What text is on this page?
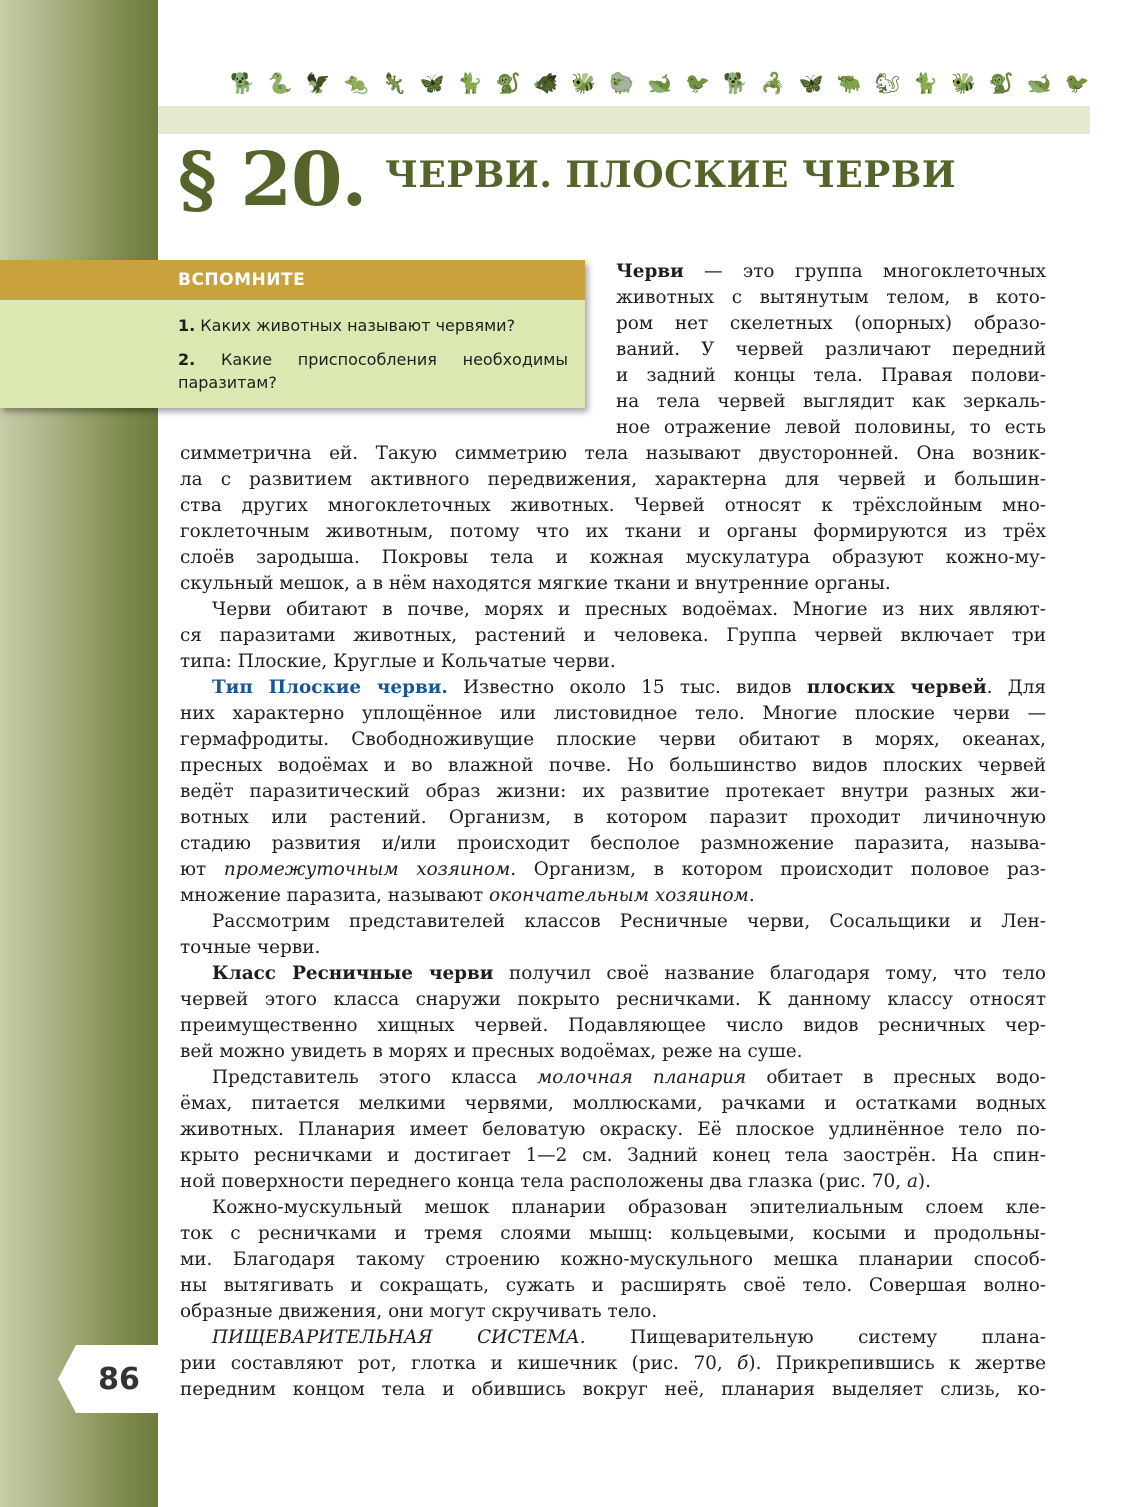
86
🐕 🐍 🦅 🐀 🦎 🦋 🐈 🐒 🐗 🐝 🐑 🐋 🐦 🐕 🦂 🦋 🐃 🐿 🐈 🐝 🐒 🐋 🐦
§ 20. ЧЕРВИ. ПЛОСКИЕ ЧЕРВИ
ВСПОМНИТЕ
1. Каких животных называют червями?
2. Какие приспособления необходимы паразитам?
Черви — это группа многоклеточных
животных с вытянутым телом, в кото-
ром нет скелетных (опорных) образо-
ваний. У червей различают передний
и задний концы тела. Правая полови-
на тела червей выглядит как зеркаль-
ное отражение левой половины, то есть
симметрична ей. Такую симметрию тела называют двусторонней. Она возник-
ла с развитием активного передвижения, характерна для червей и большин-
ства других многоклеточных животных. Червей относят к трёхслойным мно-
гоклеточным животным, потому что их ткани и органы формируются из трёх
слоёв зародыша. Покровы тела и кожная мускулатура образуют кожно-му-
скульный мешок, а в нём находятся мягкие ткани и внутренние органы.
Черви обитают в почве, морях и пресных водоёмах. Многие из них являют-
ся паразитами животных, растений и человека. Группа червей включает три
типа: Плоские, Круглые и Кольчатые черви.
Тип Плоские черви. Известно около 15 тыс. видов плоских червей. Для
них характерно уплощённое или листовидное тело. Многие плоские черви —
гермафродиты. Свободноживущие плоские черви обитают в морях, океанах,
пресных водоёмах и во влажной почве. Но большинство видов плоских червей
ведёт паразитический образ жизни: их развитие протекает внутри разных жи-
вотных или растений. Организм, в котором паразит проходит личиночную
стадию развития и/или происходит бесполое размножение паразита, называ-
ют промежуточным хозяином. Организм, в котором происходит половое раз-
множение паразита, называют окончательным хозяином.
Рассмотрим представителей классов Ресничные черви, Сосальщики и Лен-
точные черви.
Класс Ресничные черви получил своё название благодаря тому, что тело
червей этого класса снаружи покрыто ресничками. К данному классу относят
преимущественно хищных червей. Подавляющее число видов ресничных чер-
вей можно увидеть в морях и пресных водоёмах, реже на суше.
Представитель этого класса молочная планария обитает в пресных водо-
ёмах, питается мелкими червями, моллюсками, рачками и остатками водных
животных. Планария имеет беловатую окраску. Её плоское удлинённое тело по-
крыто ресничками и достигает 1—2 см. Задний конец тела заострён. На спин-
ной поверхности переднего конца тела расположены два глазка (рис. 70, а).
Кожно-мускульный мешок планарии образован эпителиальным слоем кле-
ток с ресничками и тремя слоями мышц: кольцевыми, косыми и продольны-
ми. Благодаря такому строению кожно-мускульного мешка планарии способ-
ны вытягивать и сокращать, сужать и расширять своё тело. Совершая волно-
образные движения, они могут скручивать тело.
ПИЩЕВАРИТЕЛЬНАЯ СИСТЕМА. Пищеварительную систему плана-
рии составляют рот, глотка и кишечник (рис. 70, б). Прикрепившись к жертве
передним концом тела и обившись вокруг неё, планария выделяет слизь, ко-
